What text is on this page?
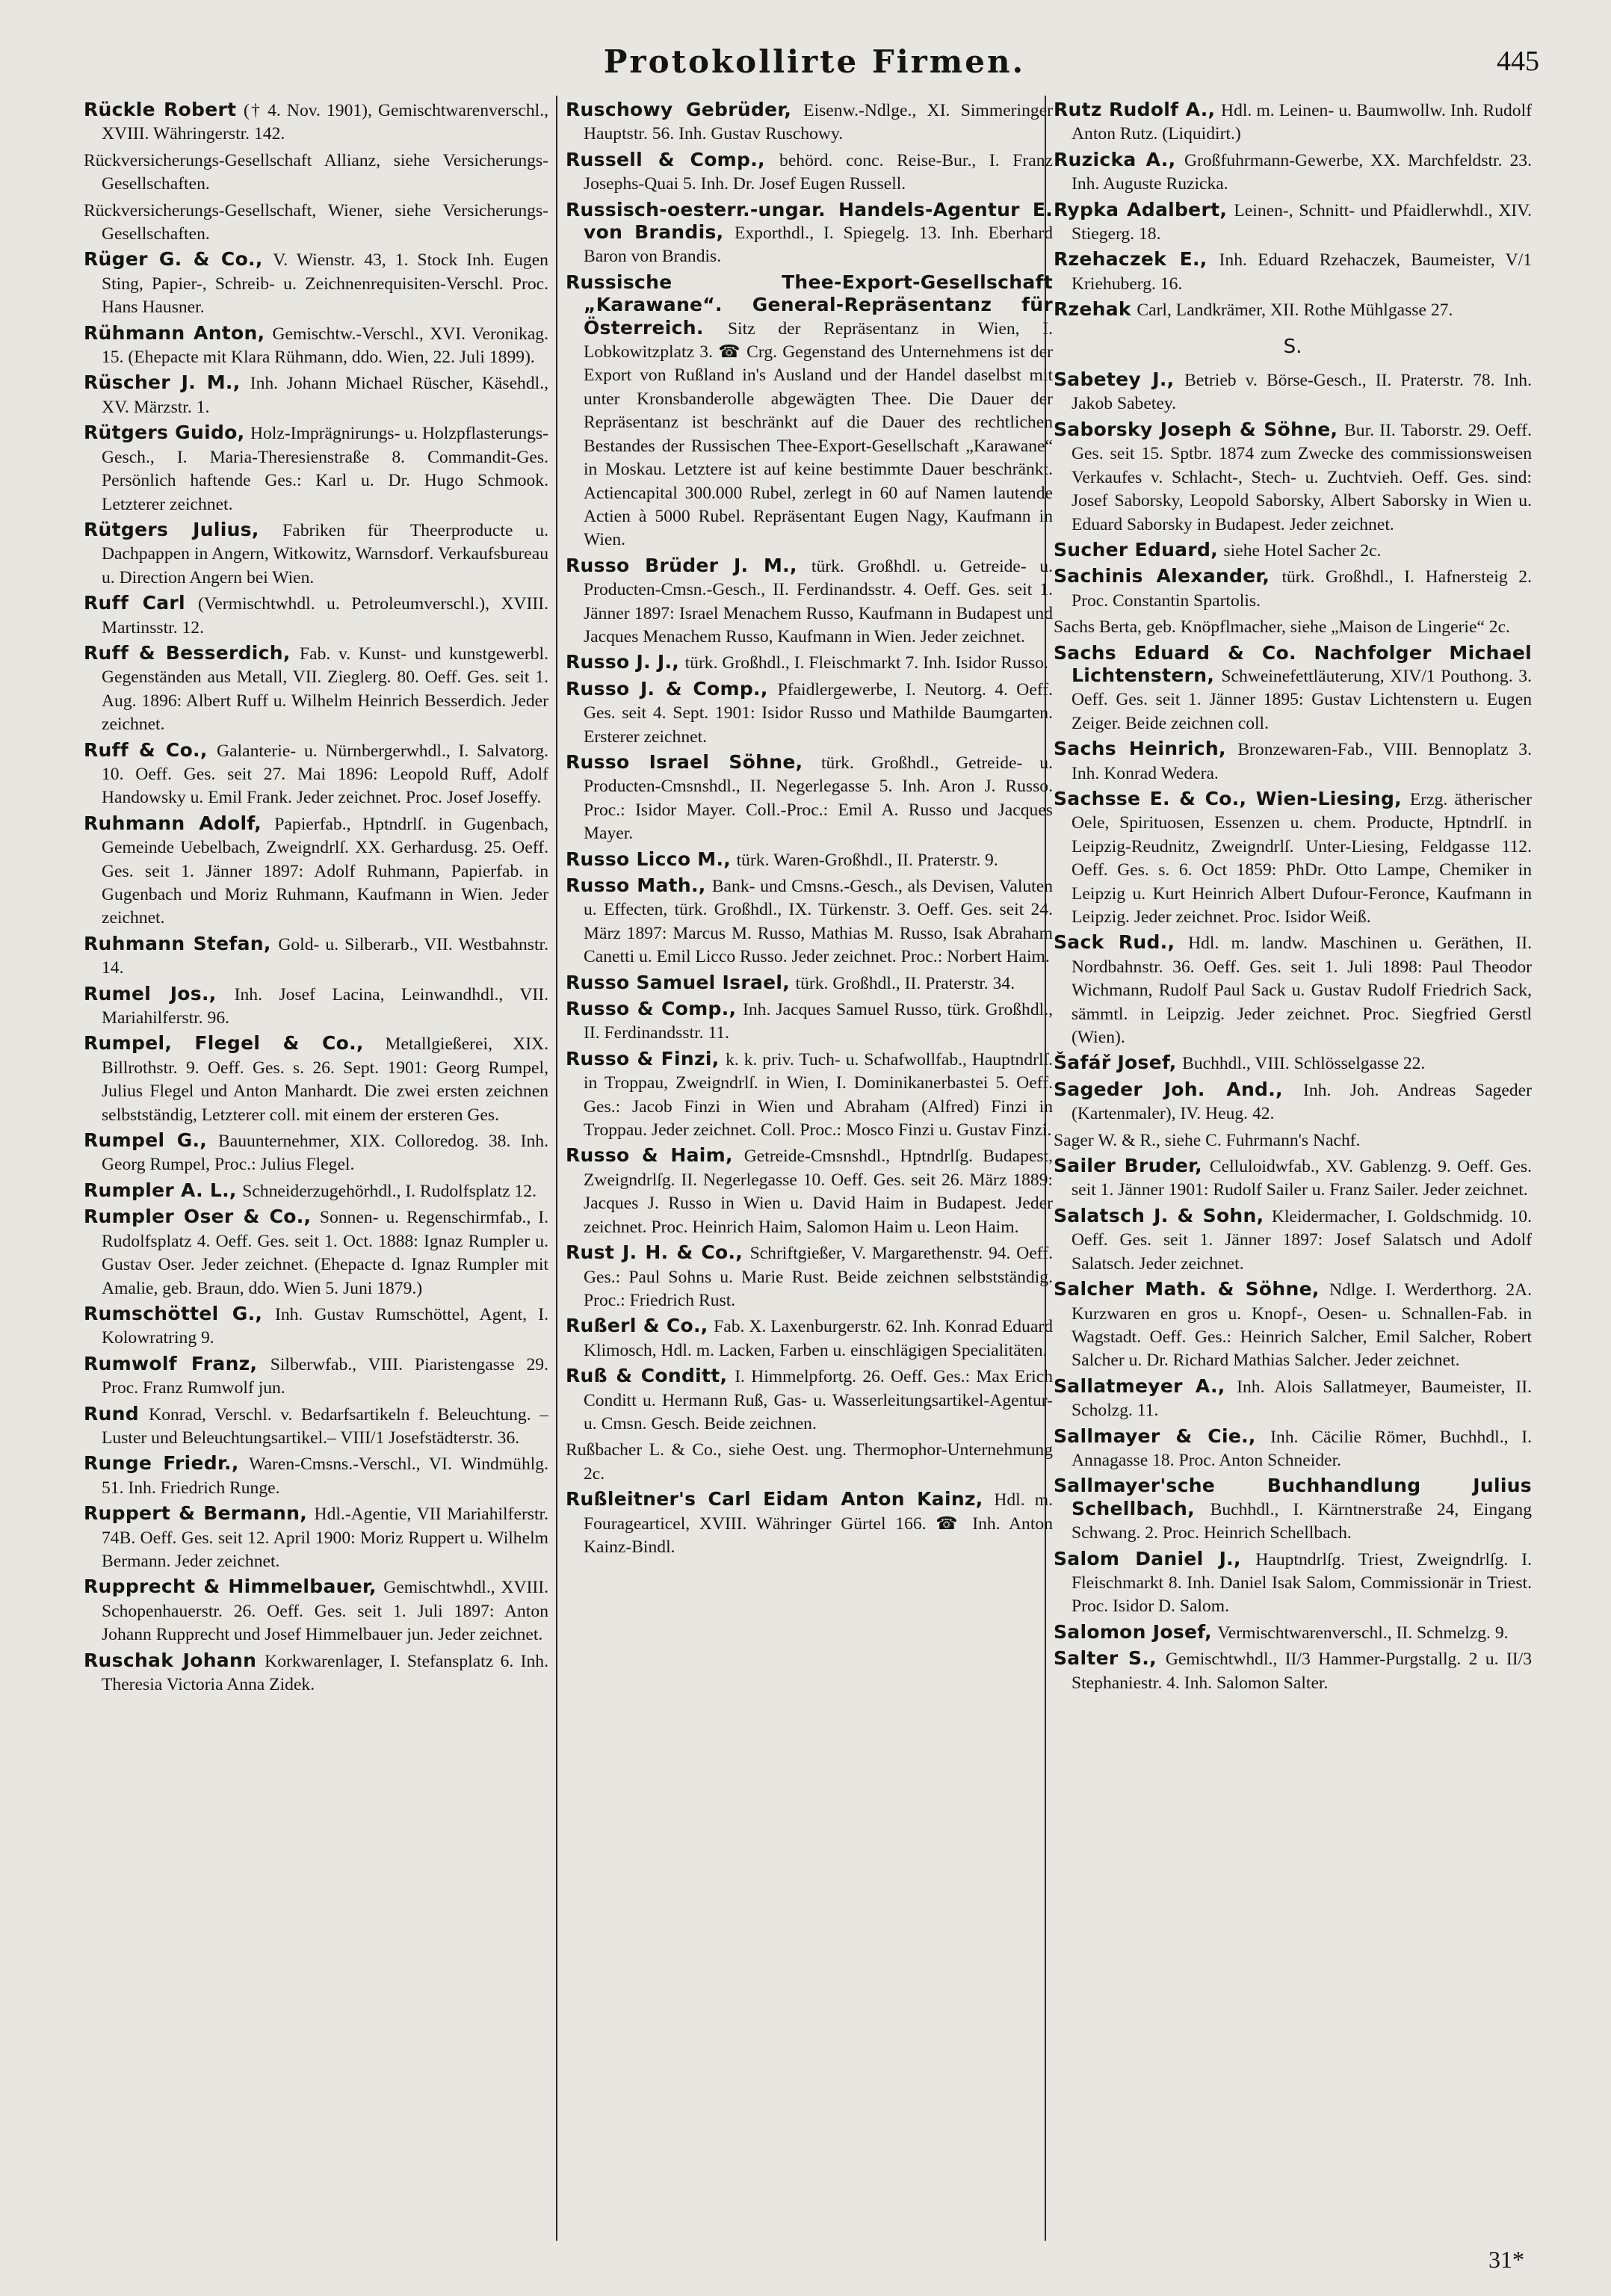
Protokollirte Firmen.	445

Rückle Robert († 4. Nov. 1901), Gemischtwarenverschl., XVIII. Währingerstr. 142.

Rückversicherungs-Gesellschaft Allianz, siehe Versicherungs-Gesellschaften.

Rückversicherungs-Gesellschaft, Wiener, siehe Versicherungs-Gesellschaften.

Rüger G. & Co., V. Wienstr. 43, 1. Stock Inh. Eugen Sting, Papier-, Schreib- u. Zeichnenrequisiten-Verschl. Proc. Hans Hausner.

Rühmann Anton, Gemischtw.-Verschl., XVI. Veronikag. 15. (Ehepacte mit Klara Rühmann, ddo. Wien, 22. Juli 1899).

Rüscher J. M., Inh. Johann Michael Rüscher, Käsehdl., XV. Märzstr. 1.

Rütgers Guido, Holz-Imprägnirungs- u. Holzpflasterungs-Gesch., I. Maria-Theresienstraße 8. Commandit-Ges. Persönlich haftende Ges.: Karl u. Dr. Hugo Schmook. Letzterer zeichnet.

Rütgers Julius, Fabriken für Theerproducte u. Dachpappen in Angern, Witkowitz, Warnsdorf. Verkaufsbureau u. Direction Angern bei Wien.

Ruff Carl (Vermischtwhdl. u. Petroleumverschl.), XVIII. Martinsstr. 12.

Ruff & Besserdich, Fab. v. Kunst- und kunstgewerbl. Gegenständen aus Metall, VII. Zieglerg. 80. Oeff. Ges. seit 1. Aug. 1896: Albert Ruff u. Wilhelm Heinrich Besserdich. Jeder zeichnet.

Ruff & Co., Galanterie- u. Nürnbergerwhdl., I. Salvatorg. 10. Oeff. Ges. seit 27. Mai 1896: Leopold Ruff, Adolf Handowsky u. Emil Frank. Jeder zeichnet. Proc. Josef Joseffy.

Ruhmann Adolf, Papierfab., Hptndrlſ. in Gugenbach, Gemeinde Uebelbach, Zweigndrlſ. XX. Gerhardusg. 25. Oeff. Ges. seit 1. Jänner 1897: Adolf Ruhmann, Papierfab. in Gugenbach und Moriz Ruhmann, Kaufmann in Wien. Jeder zeichnet.

Ruhmann Stefan, Gold- u. Silberarb., VII. Westbahnstr. 14.

Rumel Jos., Inh. Josef Lacina, Leinwandhdl., VII. Mariahilferstr. 96.

Rumpel, Flegel & Co., Metallgießerei, XIX. Billrothstr. 9. Oeff. Ges. s. 26. Sept. 1901: Georg Rumpel, Julius Flegel und Anton Manhardt. Die zwei ersten zeichnen selbstständig, Letzterer coll. mit einem der ersteren Ges.

Rumpel G., Bauunternehmer, XIX. Colloredog. 38. Inh. Georg Rumpel, Proc.: Julius Flegel.

Rumpler A. L., Schneiderzugehörhdl., I. Rudolfsplatz 12.

Rumpler Oser & Co., Sonnen- u. Regenschirmfab., I. Rudolfsplatz 4. Oeff. Ges. seit 1. Oct. 1888: Ignaz Rumpler u. Gustav Oser. Jeder zeichnet. (Ehepacte d. Ignaz Rumpler mit Amalie, geb. Braun, ddo. Wien 5. Juni 1879.)

Rumschöttel G., Inh. Gustav Rumschöttel, Agent, I. Kolowratring 9.

Rumwolf Franz, Silberwfab., VIII. Piaristengasse 29. Proc. Franz Rumwolf jun.

Rund Konrad, Verschl. v. Bedarfsartikeln f. Beleuchtung. –Luster und Beleuchtungsartikel.– VIII/1 Josefstädterstr. 36.

Runge Friedr., Waren-Cmsns.-Verschl., VI. Windmühlg. 51. Inh. Friedrich Runge.

Ruppert & Bermann, Hdl.-Agentie, VII Mariahilferstr. 74B. Oeff. Ges. seit 12. April 1900: Moriz Ruppert u. Wilhelm Bermann. Jeder zeichnet.

Rupprecht & Himmelbauer, Gemischtwhdl., XVIII. Schopenhauerstr. 26. Oeff. Ges. seit 1. Juli 1897: Anton Johann Rupprecht und Josef Himmelbauer jun. Jeder zeichnet.

Ruschak Johann Korkwarenlager, I. Stefansplatz 6. Inh. Theresia Victoria Anna Zidek.

Ruschowy Gebrüder, Eisenw.-Ndlge., XI. Simmeringer Hauptstr. 56. Inh. Gustav Ruschowy.

Russell & Comp., behörd. conc. Reise-Bur., I. Franz Josephs-Quai 5. Inh. Dr. Josef Eugen Russell.

Russisch-oesterr.-ungar. Handels-Agentur E. von Brandis, Exporthdl., I. Spiegelg. 13. Inh. Eberhard Baron von Brandis.

Russische Thee-Export-Gesellschaft „Karawane“. General-Repräsentanz für Österreich. Sitz der Repräsentanz in Wien, I. Lobkowitzplatz 3. ☎ Crg. Gegenstand des Unternehmens ist der Export von Rußland in's Ausland und der Handel daselbst mit unter Kronsbanderolle abgewägten Thee. Die Dauer der Repräsentanz ist beschränkt auf die Dauer des rechtlichen Bestandes der Russischen Thee-Export-Gesellschaft „Karawane“ in Moskau. Letztere ist auf keine bestimmte Dauer beschränkt. Actiencapital 300.000 Rubel, zerlegt in 60 auf Namen lautende Actien à 5000 Rubel. Repräsentant Eugen Nagy, Kaufmann in Wien.

Russo Brüder J. M., türk. Großhdl. u. Getreide- u. Producten-Cmsn.-Gesch., II. Ferdinandsstr. 4. Oeff. Ges. seit 1. Jänner 1897: Israel Menachem Russo, Kaufmann in Budapest und Jacques Menachem Russo, Kaufmann in Wien. Jeder zeichnet.

Russo J. J., türk. Großhdl., I. Fleischmarkt 7. Inh. Isidor Russo.

Russo J. & Comp., Pfaidlergewerbe, I. Neutorg. 4. Oeff. Ges. seit 4. Sept. 1901: Isidor Russo und Mathilde Baumgarten. Ersterer zeichnet.

Russo Israel Söhne, türk. Großhdl., Getreide- u. Producten-Cmsnshdl., II. Negerlegasse 5. Inh. Aron J. Russo. Proc.: Isidor Mayer. Coll.-Proc.: Emil A. Russo und Jacques Mayer.

Russo Licco M., türk. Waren-Großhdl., II. Praterstr. 9.

Russo Math., Bank- und Cmsns.-Gesch., als Devisen, Valuten u. Effecten, türk. Großhdl., IX. Türkenstr. 3. Oeff. Ges. seit 24. März 1897: Marcus M. Russo, Mathias M. Russo, Isak Abraham Canetti u. Emil Licco Russo. Jeder zeichnet. Proc.: Norbert Haim.

Russo Samuel Israel, türk. Großhdl., II. Praterstr. 34.

Russo & Comp., Inh. Jacques Samuel Russo, türk. Großhdl., II. Ferdinandsstr. 11.

Russo & Finzi, k. k. priv. Tuch- u. Schafwollfab., Hauptndrlſ. in Troppau, Zweigndrlſ. in Wien, I. Dominikanerbastei 5. Oeff. Ges.: Jacob Finzi in Wien und Abraham (Alfred) Finzi in Troppau. Jeder zeichnet. Coll. Proc.: Mosco Finzi u. Gustav Finzi.

Russo & Haim, Getreide-Cmsnshdl., Hptndrlſg. Budapest, Zweigndrlſg. II. Negerlegasse 10. Oeff. Ges. seit 26. März 1889: Jacques J. Russo in Wien u. David Haim in Budapest. Jeder zeichnet. Proc. Heinrich Haim, Salomon Haim u. Leon Haim.

Rust J. H. & Co., Schriftgießer, V. Margarethenstr. 94. Oeff. Ges.: Paul Sohns u. Marie Rust. Beide zeichnen selbstständig. Proc.: Friedrich Rust.

Rußerl & Co., Fab. X. Laxenburgerstr. 62. Inh. Konrad Eduard Klimosch, Hdl. m. Lacken, Farben u. einschlägigen Specialitäten.

Ruß & Conditt, I. Himmelpfortg. 26. Oeff. Ges.: Max Erich Conditt u. Hermann Ruß, Gas- u. Wasserleitungsartikel-Agentur- u. Cmsn. Gesch. Beide zeichnen.

Rußbacher L. & Co., siehe Oest. ung. Thermophor-Unternehmung 2c.

Rußleitner's Carl Eidam Anton Kainz, Hdl. m. Fouragearticel, XVIII. Währinger Gürtel 166. ☎ Inh. Anton Kainz-Bindl.

Rutz Rudolf A., Hdl. m. Leinen- u. Baumwollw. Inh. Rudolf Anton Rutz. (Liquidirt.)

Ruzicka A., Großfuhrmann-Gewerbe, XX. Marchfeldstr. 23. Inh. Auguste Ruzicka.

Rypka Adalbert, Leinen-, Schnitt- und Pfaidlerwhdl., XIV. Stiegerg. 18.

Rzehaczek E., Inh. Eduard Rzehaczek, Baumeister, V/1 Kriehuberg. 16.

Rzehak Carl, Landkrämer, XII. Rothe Mühlgasse 27.

S.

Sabetey J., Betrieb v. Börse-Gesch., II. Praterstr. 78. Inh. Jakob Sabetey.

Saborsky Joseph & Söhne, Bur. II. Taborstr. 29. Oeff. Ges. seit 15. Sptbr. 1874 zum Zwecke des commissionsweisen Verkaufes v. Schlacht-, Stech- u. Zuchtvieh. Oeff. Ges. sind: Josef Saborsky, Leopold Saborsky, Albert Saborsky in Wien u. Eduard Saborsky in Budapest. Jeder zeichnet.

Sucher Eduard, siehe Hotel Sacher 2c.

Sachinis Alexander, türk. Großhdl., I. Hafnersteig 2. Proc. Constantin Spartolis.

Sachs Berta, geb. Knöpflmacher, siehe „Maison de Lingerie“ 2c.

Sachs Eduard & Co. Nachfolger Michael Lichtenstern, Schweinefettläuterung, XIV/1 Pouthong. 3. Oeff. Ges. seit 1. Jänner 1895: Gustav Lichtenstern u. Eugen Zeiger. Beide zeichnen coll.

Sachs Heinrich, Bronzewaren-Fab., VIII. Bennoplatz 3. Inh. Konrad Wedera.

Sachsse E. & Co., Wien-Liesing, Erzg. ätherischer Oele, Spirituosen, Essenzen u. chem. Producte, Hptndrlſ. in Leipzig-Reudnitz, Zweigndrlſ. Unter-Liesing, Feldgasse 112. Oeff. Ges. s. 6. Oct 1859: PhDr. Otto Lampe, Chemiker in Leipzig u. Kurt Heinrich Albert Dufour-Feronce, Kaufmann in Leipzig. Jeder zeichnet. Proc. Isidor Weiß.

Sack Rud., Hdl. m. landw. Maschinen u. Geräthen, II. Nordbahnstr. 36. Oeff. Ges. seit 1. Juli 1898: Paul Theodor Wichmann, Rudolf Paul Sack u. Gustav Rudolf Friedrich Sack, sämmtl. in Leipzig. Jeder zeichnet. Proc. Siegfried Gerstl (Wien).

Šafář Josef, Buchhdl., VIII. Schlösselgasse 22.

Sageder Joh. And., Inh. Joh. Andreas Sageder (Kartenmaler), IV. Heug. 42.

Sager W. & R., siehe C. Fuhrmann's Nachf.

Sailer Bruder, Celluloidwfab., XV. Gablenzg. 9. Oeff. Ges. seit 1. Jänner 1901: Rudolf Sailer u. Franz Sailer. Jeder zeichnet.

Salatsch J. & Sohn, Kleidermacher, I. Goldschmidg. 10. Oeff. Ges. seit 1. Jänner 1897: Josef Salatsch und Adolf Salatsch. Jeder zeichnet.

Salcher Math. & Söhne, Ndlge. I. Werderthorg. 2A. Kurzwaren en gros u. Knopf-, Oesen- u. Schnallen-Fab. in Wagstadt. Oeff. Ges.: Heinrich Salcher, Emil Salcher, Robert Salcher u. Dr. Richard Mathias Salcher. Jeder zeichnet.

Sallatmeyer A., Inh. Alois Sallatmeyer, Baumeister, II. Scholzg. 11.

Sallmayer & Cie., Inh. Cäcilie Römer, Buchhdl., I. Annagasse 18. Proc. Anton Schneider.

Sallmayer'sche Buchhandlung Julius Schellbach, Buchhdl., I. Kärntnerstraße 24, Eingang Schwang. 2. Proc. Heinrich Schellbach.

Salom Daniel J., Hauptndrlſg. Triest, Zweigndrlſg. I. Fleischmarkt 8. Inh. Daniel Isak Salom, Commissionär in Triest. Proc. Isidor D. Salom.

Salomon Josef, Vermischtwarenverschl., II. Schmelzg. 9.

Salter S., Gemischtwhdl., II/3 Hammer-Purgstallg. 2 u. II/3 Stephaniestr. 4. Inh. Salomon Salter.

31*
